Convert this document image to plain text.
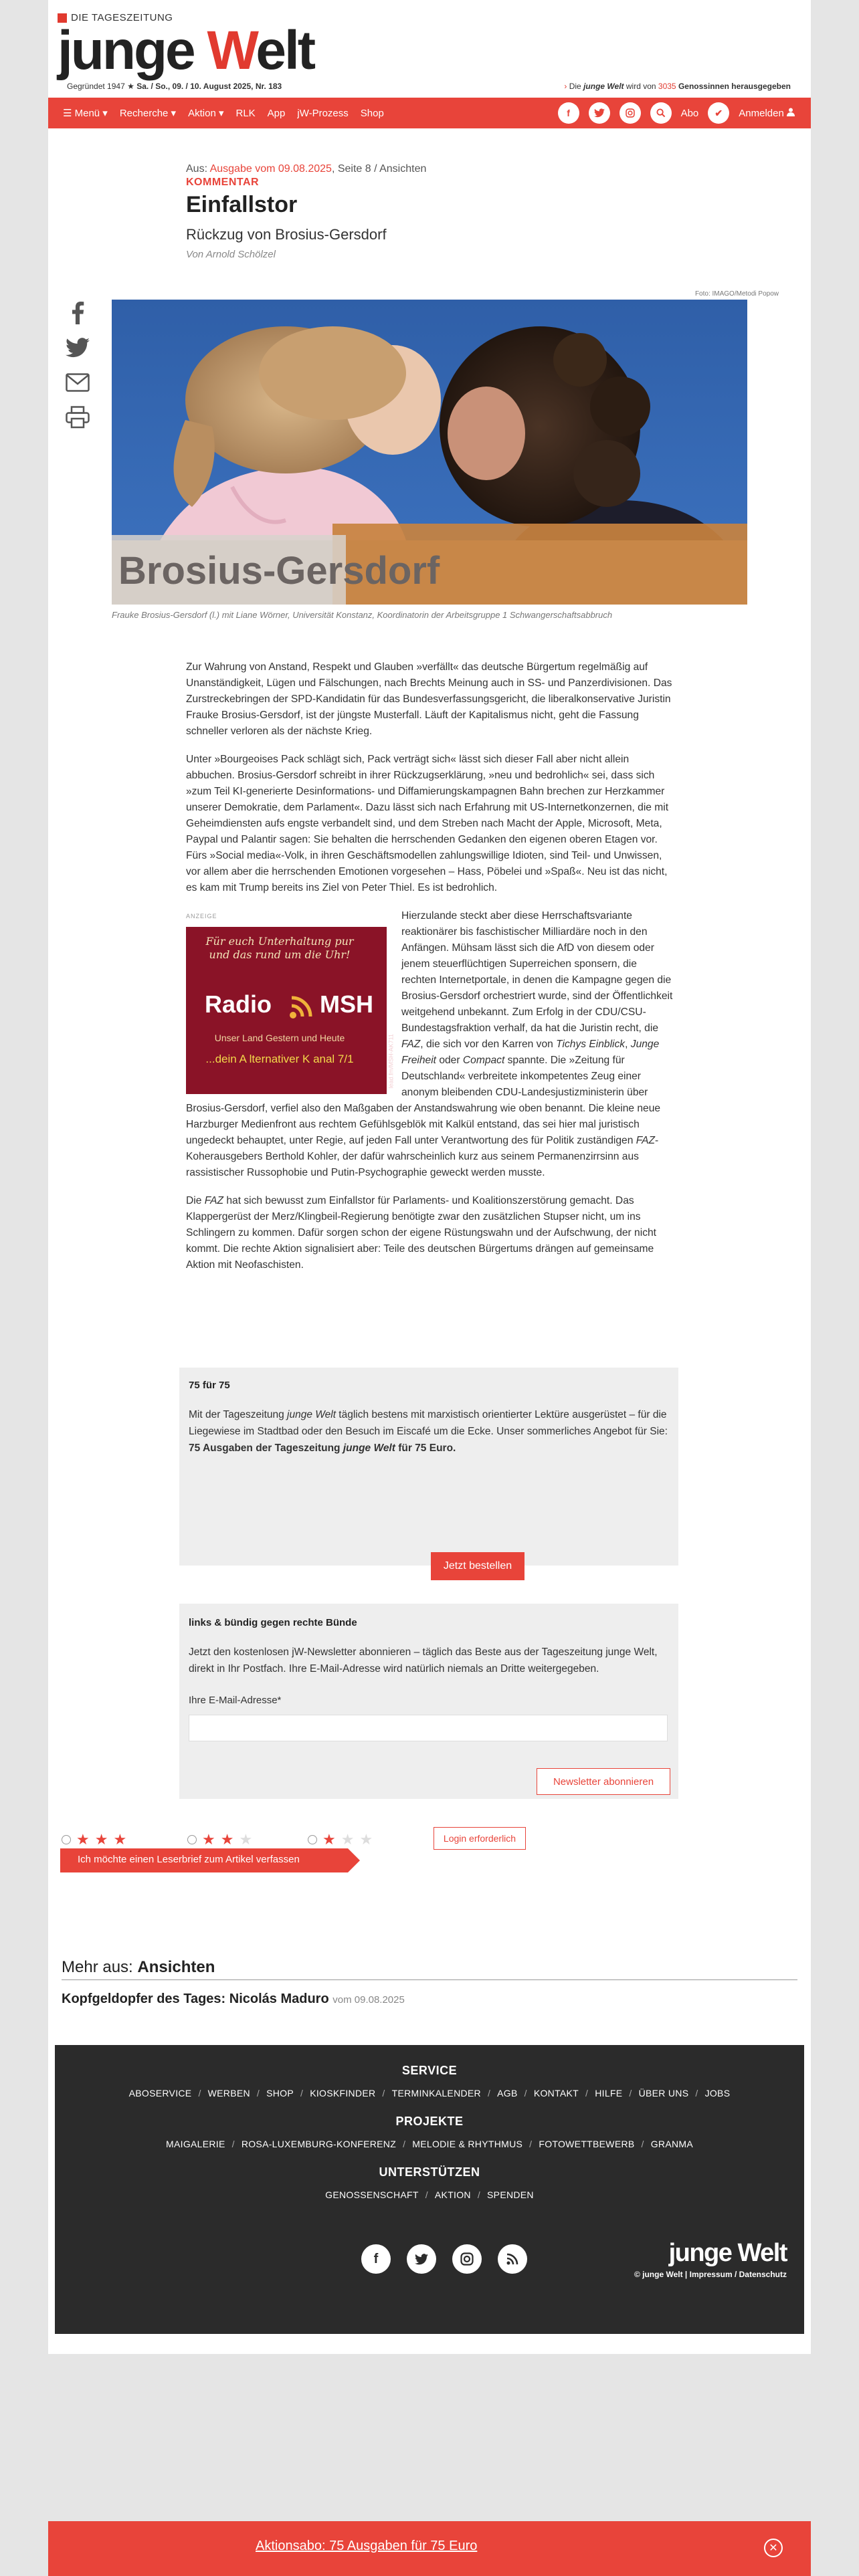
DIE TAGESZEITUNG
junge Welt
Gegründet 1947 ★ Sa. / So., 09. / 10. August 2025, Nr. 183	› Die junge Welt wird von 3035 Genossinnen herausgegeben
☰ Menü ▾ Recherche ▾ Aktion ▾ RLK App jW-Prozess Shop	f	Abo	✔	Anmelden
Aus: Ausgabe vom 09.08.2025, Seite 8 / Ansichten
KOMMENTAR
Einfallstor
Rückzug von Brosius-Gersdorf
Von Arnold Schölzel
Foto: IMAGO/Metodi Popow
Brosius-Gersdorf
Frauke Brosius-Gersdorf (l.) mit Liane Wörner, Universität Konstanz, Koordinatorin der Arbeitsgruppe 1 Schwangerschaftsabbruch

Zur Wahrung von Anstand, Respekt und Glauben »verfällt« das deutsche Bürgertum regelmäßig auf Unanständigkeit, Lügen und Fälschungen, nach Brechts Meinung auch in SS- und Panzerdivisionen. Das Zurstreckebringen der SPD-Kandidatin für das Bundesverfassungsgericht, die liberalkonservative Juristin Frauke Brosius-Gersdorf, ist der jüngste Musterfall. Läuft der Kapitalismus nicht, geht die Fassung schneller verloren als der nächste Krieg.

Unter »Bourgeoises Pack schlägt sich, Pack verträgt sich« lässt sich dieser Fall aber nicht allein abbuchen. Brosius-Gersdorf schreibt in ihrer Rückzugserklärung, »neu und bedrohlich« sei, dass sich »zum Teil KI-generierte Desinformations- und Diffamierungskampagnen Bahn brechen zur Herzkammer unserer Demokratie, dem Parlament«. Dazu lässt sich nach Erfahrung mit US-Internetkonzernen, die mit Geheimdiensten aufs engste verbandelt sind, und dem Streben nach Macht der Apple, Microsoft, Meta, Paypal und Palantir sagen: Sie behalten die herrschenden Gedanken den eigenen oberen Etagen vor. Fürs »Social media«-Volk, in ihren Geschäftsmodellen zahlungswillige Idioten, sind Teil- und Unwissen, vor allem aber die herrschenden Emotionen vorgesehen – Hass, Pöbelei und »Spaß«. Neu ist das nicht, es kam mit Trump bereits ins Ziel von Peter Thiel. Es ist bedrohlich.

ANZEIGE
Für euch Unterhaltung pur
und das rund um die Uhr!
Radio MSH
Unser Land Gestern und Heute
...dein A lternativer K anal 7/1	lead.fm/MSH-AK711

Hierzulande steckt aber diese Herrschaftsvariante reaktionärer bis faschistischer Milliardäre noch in den Anfängen. Mühsam lässt sich die AfD von diesem oder jenem steuerflüchtigen Superreichen sponsern, die rechten Internetportale, in denen die Kampagne gegen die Brosius-Gersdorf orchestriert wurde, sind der Öffentlichkeit weitgehend unbekannt. Zum Erfolg in der CDU/CSU-Bundestagsfraktion verhalf, da hat die Juristin recht, die FAZ, die sich vor den Karren von Tichys Einblick, Junge Freiheit oder Compact spannte. Die »Zeitung für Deutschland« verbreitete inkompetentes Zeug einer anonym bleibenden CDU-Landesjustizministerin über Brosius-Gersdorf, verfiel also den Maßgaben der Anstandswahrung wie oben benannt. Die kleine neue Harzburger Medienfront aus rechtem Gefühlsgeblök mit Kalkül entstand, das sei hier mal juristisch ungedeckt behauptet, unter Regie, auf jeden Fall unter Verantwortung des für Politik zuständigen FAZ-Koherausgebers Berthold Kohler, der dafür wahrscheinlich kurz aus seinem Permanenzirrsinn aus rassistischer Russophobie und Putin-Psychographie geweckt werden musste.

Die FAZ hat sich bewusst zum Einfallstor für Parlaments- und Koalitionszerstörung gemacht. Das Klappergerüst der Merz/Klingbeil-Regierung benötigte zwar den zusätzlichen Stupser nicht, um ins Schlingern zu kommen. Dafür sorgen schon der eigene Rüstungswahn und der Aufschwung, der nicht kommt. Die rechte Aktion signalisiert aber: Teile des deutschen Bürgertums drängen auf gemeinsame Aktion mit Neofaschisten.

75 für 75
Mit der Tageszeitung junge Welt täglich bestens mit marxistisch orientierter Lektüre ausgerüstet – für die Liegewiese im Stadtbad oder den Besuch im Eiscafé um die Ecke. Unser sommerliches Angebot für Sie: 75 Ausgaben der Tageszeitung junge Welt für 75 Euro.
Jetzt bestellen
links & bündig gegen rechte Bünde
Jetzt den kostenlosen jW-Newsletter abonnieren – täglich das Beste aus der Tageszeitung junge Welt, direkt in Ihr Postfach. Ihre E-Mail-Adresse wird natürlich niemals an Dritte weitergegeben.
Ihre E-Mail-Adresse*
Newsletter abonnieren
★ ★ ★	★ ★ ★	★ ★ ★	Login erforderlich
Ich möchte einen Leserbrief zum Artikel verfassen
Mehr aus: Ansichten
Kopfgeldopfer des Tages: Nicolás Maduro vom 09.08.2025
SERVICE
ABOSERVICE / WERBEN / SHOP / KIOSKFINDER / TERMINKALENDER / AGB / KONTAKT / HILFE / ÜBER UNS / JOBS
PROJEKTE
MAIGALERIE / ROSA-LUXEMBURG-KONFERENZ / MELODIE & RHYTHMUS / FOTOWETTBEWERB / GRANMA
UNTERSTÜTZEN
GENOSSENSCHAFT / AKTION / SPENDEN
f	junge Welt
© junge Welt | Impressum / Datenschutz
Aktionsabo: 75 Ausgaben für 75 Euro	✕
